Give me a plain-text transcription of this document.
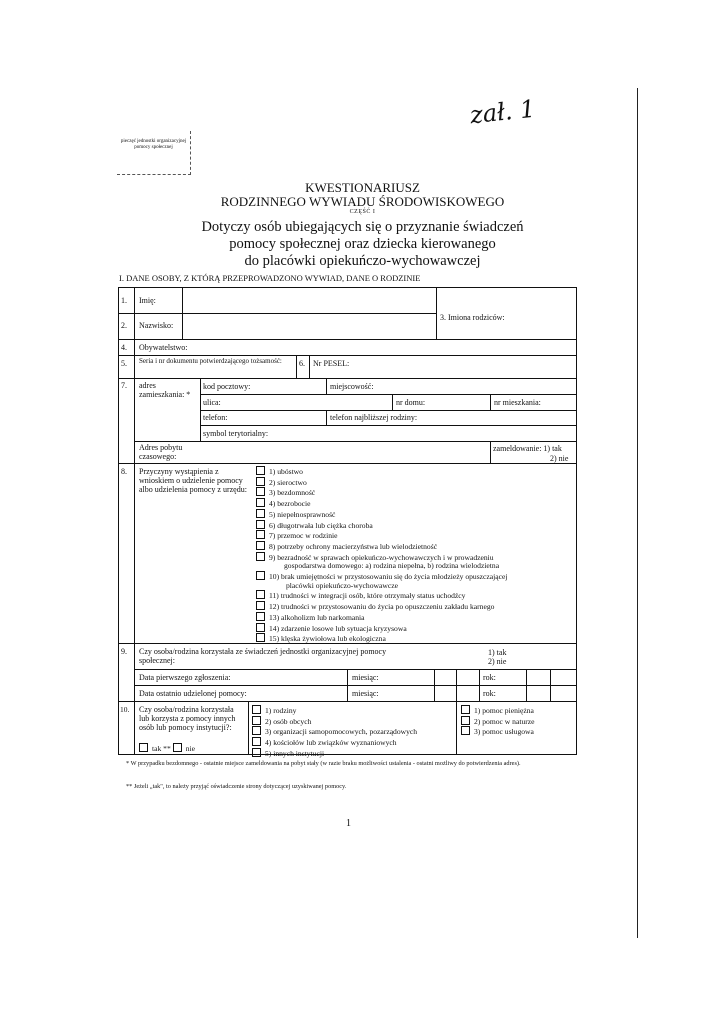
pieczęć jednostki organizacyjnej pomocy społecznej
zał. 1
KWESTIONARIUSZ
RODZINNEGO WYWIADU ŚRODOWISKOWEGO
CZĘŚĆ I
Dotyczy osób ubiegających się o przyznanie świadczeń
pomocy społecznej oraz dziecka kierowanego
do placówki opiekuńczo-wychowawczej
I. DANE OSOBY, Z KTÓRĄ PRZEPROWADZONO WYWIAD, DANE O RODZINIE
1. Imię:
2. Nazwisko:
3. Imiona rodziców:
4. Obywatelstwo:
5. Seria i nr dokumentu potwierdzającego tożsamość:	6. Nr PESEL:
7. adres zamieszkania: *
kod pocztowy:	miejscowość:
ulica:	nr domu:	nr mieszkania:
telefon:	telefon najbliższej rodziny:
symbol terytorialny:
Adres pobytu czasowego:
zameldowanie: 1) tak
2) nie
8. Przyczyny wystąpienia z wnioskiem o udzielenie pomocy albo udzielenia pomocy z urzędu:
1) ubóstwo
2) sieroctwo
3) bezdomność
4) bezrobocie
5) niepełnosprawność
6) długotrwała lub ciężka choroba
7) przemoc w rodzinie
8) potrzeby ochrony macierzyństwa lub wielodzietność
9) bezradność w sprawach opiekuńczo-wychowawczych i w prowadzeniu
gospodarstwa domowego: a) rodzina niepełna, b) rodzina wielodzietna
10) brak umiejętności w przystosowaniu się do życia młodzieży opuszczającej
placówki opiekuńczo-wychowawcze
11) trudności w integracji osób, które otrzymały status uchodźcy
12) trudności w przystosowaniu do życia po opuszczeniu zakładu karnego
13) alkoholizm lub narkomania
14) zdarzenie losowe lub sytuacja kryzysowa
15) klęska żywiołowa lub ekologiczna
9. Czy osoba/rodzina korzystała ze świadczeń jednostki organizacyjnej pomocy
społecznej:
1) tak
2) nie
Data pierwszego zgłoszenia:	miesiąc:	rok:
Data ostatnio udzielonej pomocy:	miesiąc:	rok:
10. Czy osoba/rodzina korzystała lub korzysta z pomocy innych osób lub pomocy instytucji?:
tak ** nie
1) rodziny
2) osób obcych
3) organizacji samopomocowych, pozarządowych
4) kościołów lub związków wyznaniowych
5) innych instytucji
1) pomoc pieniężna
2) pomoc w naturze
3) pomoc usługowa
* W przypadku bezdomnego - ostatnie miejsce zameldowania na pobyt stały (w razie braku możliwości ustalenia - ostatni możliwy do potwierdzenia adres).
** Jeżeli „tak", to należy przyjąć oświadczenie strony dotyczącej uzyskiwanej pomocy.
1
